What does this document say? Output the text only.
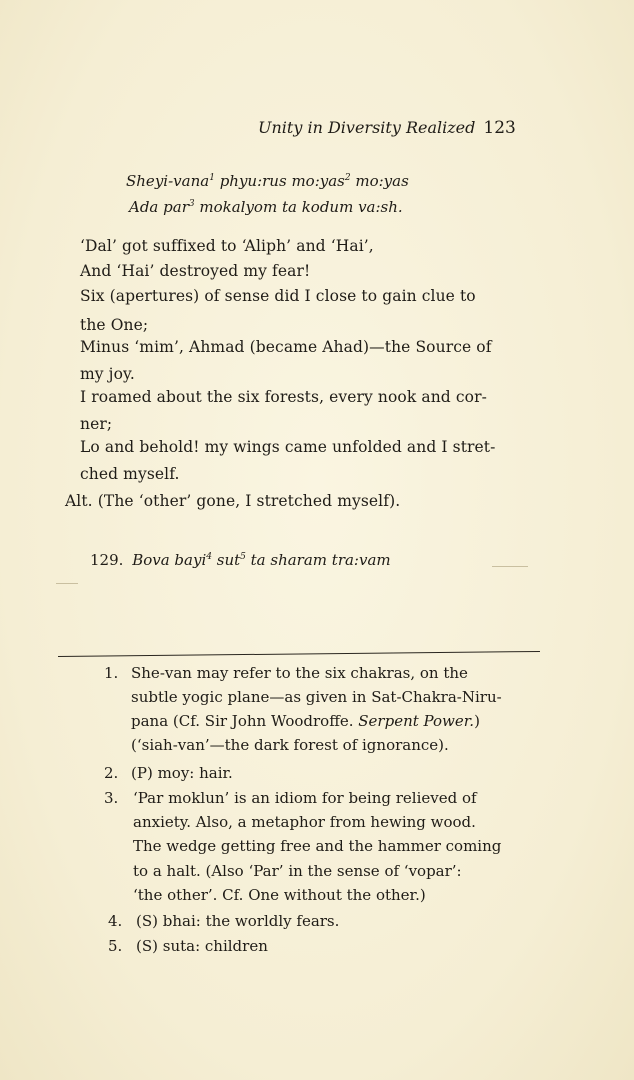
Unity in Diversity Realized 123
Sheyi-vana$^1$ phyu:rus mo:yas$^2$ mo:yas
Ada par$^3$ mokalyom ta kodum va:sh.
‘Dal’ got suffixed to ‘Aliph’ and ‘Hai’,
And ‘Hai’ destroyed my fear!
Six (apertures) of sense did I close to gain clue to
the One;
Minus ‘mim’, Ahmad (became Ahad)—the Source of
my joy.
I roamed about the six forests, every nook and cor-
ner;
Lo and behold! my wings came unfolded and I stret-
ched myself.
Alt. (The ‘other’ gone, I stretched myself).
129. Bova bayi$^4$ sut$^5$ ta sharam tra:vam
1. She-van may refer to the six chakras, on the
subtle yogic plane—as given in Sat-Chakra-Niru-
pana (Cf. Sir John Woodroffe. Serpent Power.)
(‘siah-van’—the dark forest of ignorance).
2. (P) moy: hair.
3. ‘Par moklun’ is an idiom for being relieved of
anxiety. Also, a metaphor from hewing wood.
The wedge getting free and the hammer coming
to a halt. (Also ‘Par’ in the sense of ‘vopar’:
‘the other’. Cf. One without the other.)
4. (S) bhai: the worldly fears.
5. (S) suta: children
